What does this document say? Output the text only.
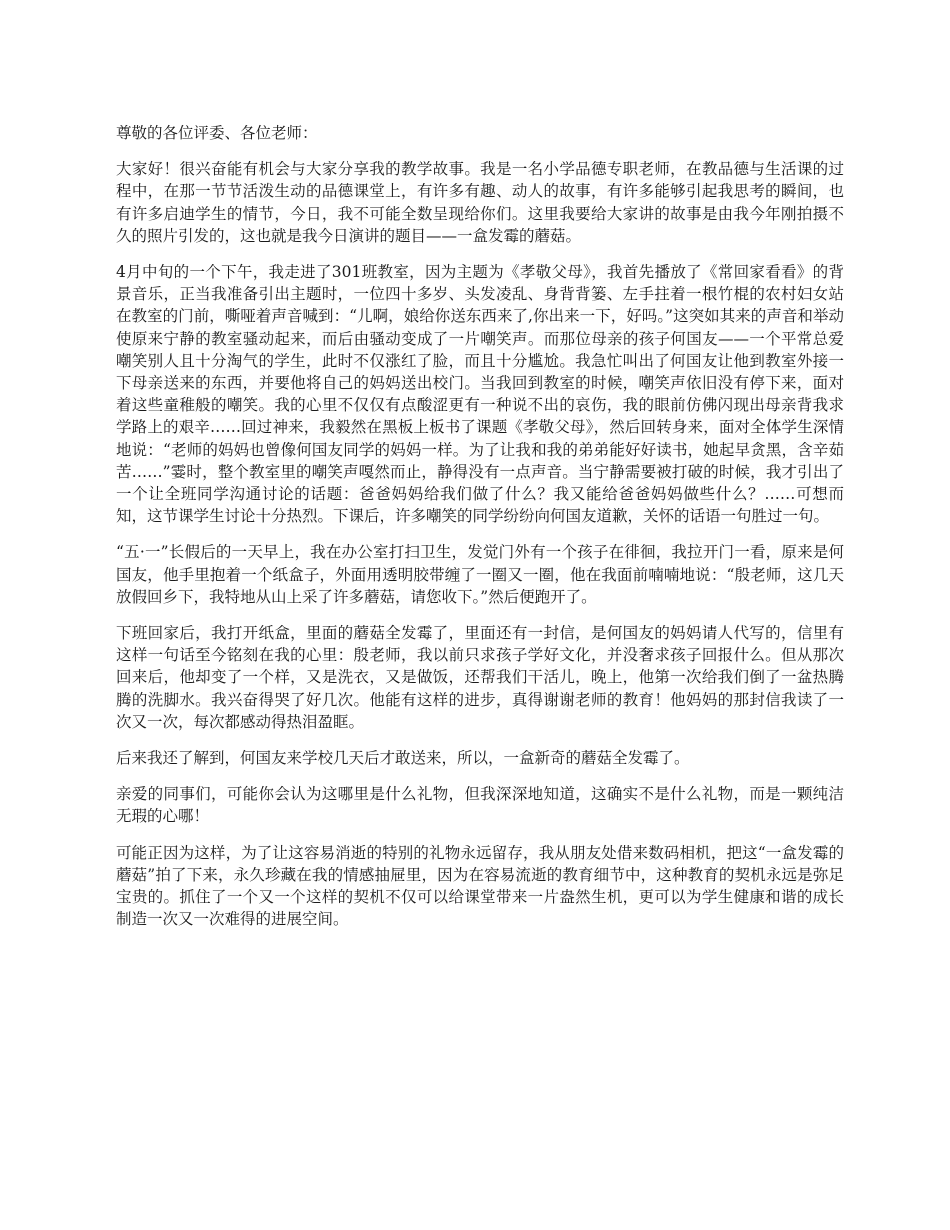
尊敬的各位评委、各位老师：

大家好！很兴奋能有机会与大家分享我的教学故事。我是一名小学品德专职老师，在教品德与生活课的过程中，在那一节节活泼生动的品德课堂上，有许多有趣、动人的故事，有许多能够引起我思考的瞬间，也有许多启迪学生的情节，今日，我不可能全数呈现给你们。这里我要给大家讲的故事是由我今年刚拍摄不久的照片引发的，这也就是我今日演讲的题目——一盒发霉的蘑菇。

4月中旬的一个下午，我走进了301班教室，因为主题为《孝敬父母》，我首先播放了《常回家看看》的背景音乐，正当我准备引出主题时，一位四十多岁、头发凌乱、身背背篓、左手拄着一根竹棍的农村妇女站在教室的门前，嘶哑着声音喊到：“儿啊，娘给你送东西来了,你出来一下，好吗。”这突如其来的声音和举动使原来宁静的教室骚动起来，而后由骚动变成了一片嘲笑声。而那位母亲的孩子何国友——一个平常总爱嘲笑别人且十分淘气的学生，此时不仅涨红了脸，而且十分尴尬。我急忙叫出了何国友让他到教室外接一下母亲送来的东西，并要他将自己的妈妈送出校门。当我回到教室的时候，嘲笑声依旧没有停下来，面对着这些童稚般的嘲笑。我的心里不仅仅有点酸涩更有一种说不出的哀伤，我的眼前仿佛闪现出母亲背我求学路上的艰辛……回过神来，我毅然在黑板上板书了课题《孝敬父母》，然后回转身来，面对全体学生深情地说：“老师的妈妈也曾像何国友同学的妈妈一样。为了让我和我的弟弟能好好读书，她起早贪黑，含辛茹苦……”霎时，整个教室里的嘲笑声嘎然而止，静得没有一点声音。当宁静需要被打破的时候，我才引出了一个让全班同学沟通讨论的话题：爸爸妈妈给我们做了什么？我又能给爸爸妈妈做些什么？……可想而知，这节课学生讨论十分热烈。下课后，许多嘲笑的同学纷纷向何国友道歉，关怀的话语一句胜过一句。

“五·一”长假后的一天早上，我在办公室打扫卫生，发觉门外有一个孩子在徘徊，我拉开门一看，原来是何国友，他手里抱着一个纸盒子，外面用透明胶带缠了一圈又一圈，他在我面前喃喃地说：“殷老师，这几天放假回乡下，我特地从山上采了许多蘑菇，请您收下。”然后便跑开了。

下班回家后，我打开纸盒，里面的蘑菇全发霉了，里面还有一封信，是何国友的妈妈请人代写的，信里有这样一句话至今铭刻在我的心里：殷老师，我以前只求孩子学好文化，并没奢求孩子回报什么。但从那次回来后，他却变了一个样，又是洗衣，又是做饭，还帮我们干活儿，晚上，他第一次给我们倒了一盆热腾腾的洗脚水。我兴奋得哭了好几次。他能有这样的进步，真得谢谢老师的教育！他妈妈的那封信我读了一次又一次，每次都感动得热泪盈眶。

后来我还了解到，何国友来学校几天后才敢送来，所以，一盒新奇的蘑菇全发霉了。

亲爱的同事们，可能你会认为这哪里是什么礼物，但我深深地知道，这确实不是什么礼物，而是一颗纯洁无瑕的心哪！

可能正因为这样，为了让这容易消逝的特别的礼物永远留存，我从朋友处借来数码相机，把这“一盒发霉的蘑菇”拍了下来，永久珍藏在我的情感抽屉里，因为在容易流逝的教育细节中，这种教育的契机永远是弥足宝贵的。抓住了一个又一个这样的契机不仅可以给课堂带来一片盎然生机，更可以为学生健康和谐的成长制造一次又一次难得的进展空间。
